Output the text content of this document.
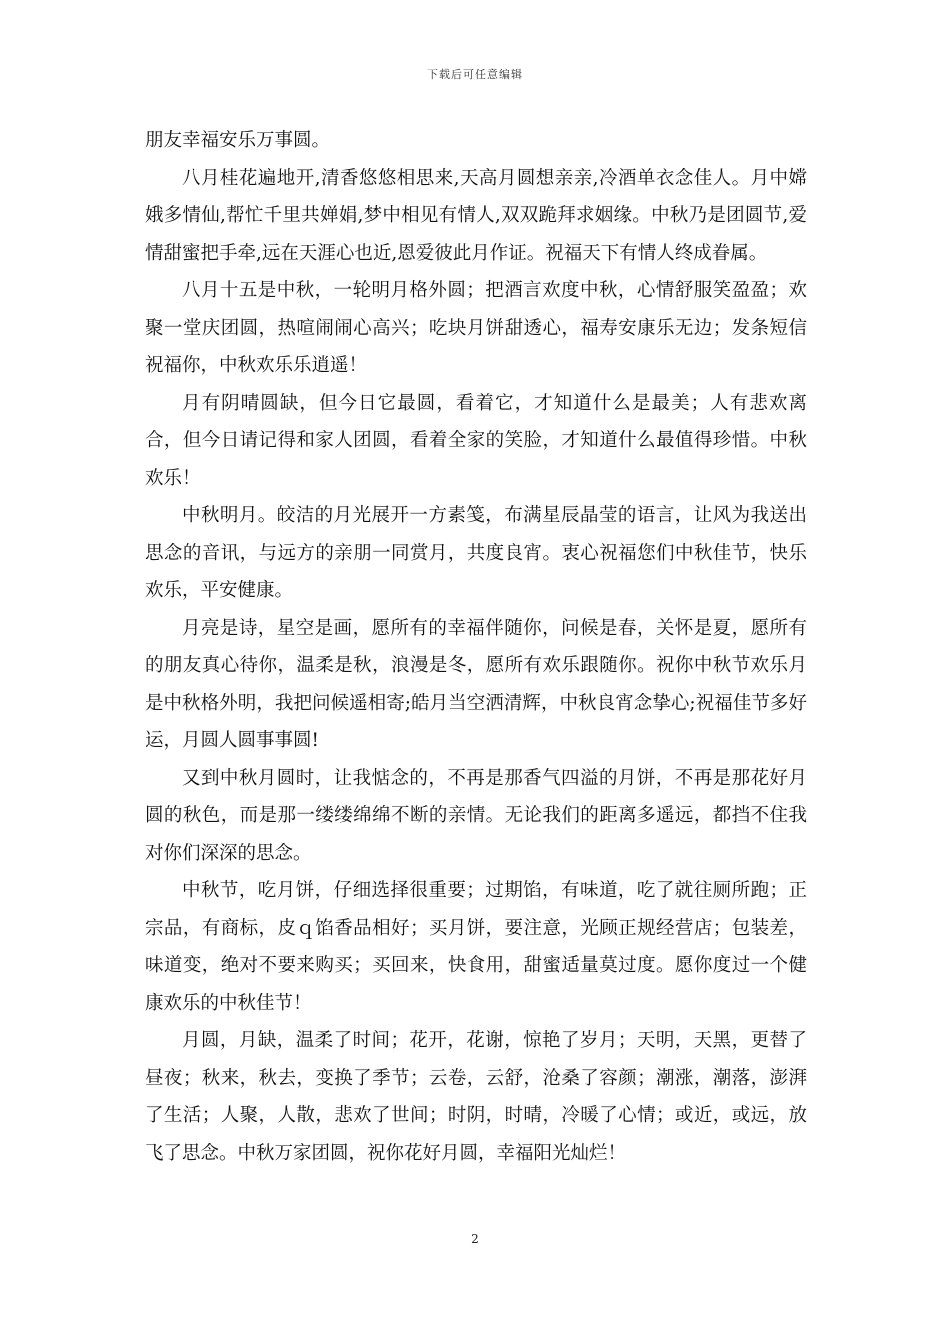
下载后可任意编辑

朋友幸福安乐万事圆。

八月桂花遍地开,清香悠悠相思来,天高月圆想亲亲,冷酒单衣念佳人。月中嫦娥多情仙,帮忙千里共婵娟,梦中相见有情人,双双跪拜求姻缘。中秋乃是团圆节,爱情甜蜜把手牵,远在天涯心也近,恩爱彼此月作证。祝福天下有情人终成眷属。

八月十五是中秋，一轮明月格外圆；把酒言欢度中秋，心情舒服笑盈盈；欢聚一堂庆团圆，热喧闹闹心高兴；吃块月饼甜透心，福寿安康乐无边；发条短信祝福你，中秋欢乐乐逍遥！

月有阴晴圆缺，但今日它最圆，看着它，才知道什么是最美；人有悲欢离合，但今日请记得和家人团圆，看着全家的笑脸，才知道什么最值得珍惜。中秋欢乐！

中秋明月。皎洁的月光展开一方素笺，布满星辰晶莹的语言，让风为我送出思念的音讯，与远方的亲朋一同赏月，共度良宵。衷心祝福您们中秋佳节，快乐欢乐，平安健康。

月亮是诗，星空是画，愿所有的幸福伴随你，问候是春，关怀是夏，愿所有的朋友真心待你，温柔是秋，浪漫是冬，愿所有欢乐跟随你。祝你中秋节欢乐月是中秋格外明，我把问候遥相寄;皓月当空洒清辉，中秋良宵念挚心;祝福佳节多好运，月圆人圆事事圆!

又到中秋月圆时，让我惦念的，不再是那香气四溢的月饼，不再是那花好月圆的秋色，而是那一缕缕绵绵不断的亲情。无论我们的距离多遥远，都挡不住我对你们深深的思念。

中秋节，吃月饼，仔细选择很重要；过期馅，有味道，吃了就往厕所跑；正宗品，有商标，皮ｑ馅香品相好；买月饼，要注意，光顾正规经营店；包装差，味道变，绝对不要来购买；买回来，快食用，甜蜜适量莫过度。愿你度过一个健康欢乐的中秋佳节！

月圆，月缺，温柔了时间；花开，花谢，惊艳了岁月；天明，天黑，更替了昼夜；秋来，秋去，变换了季节；云卷，云舒，沧桑了容颜；潮涨，潮落，澎湃了生活；人聚，人散，悲欢了世间；时阴，时晴，冷暖了心情；或近，或远，放飞了思念。中秋万家团圆，祝你花好月圆，幸福阳光灿烂！

2
